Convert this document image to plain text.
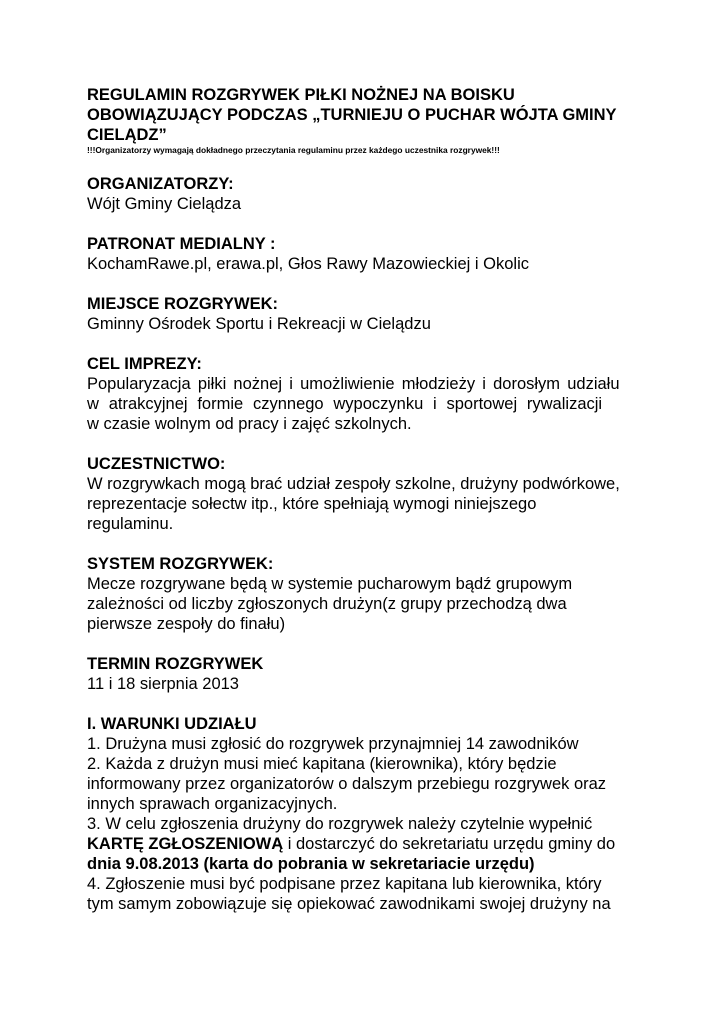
REGULAMIN ROZGRYWEK PIŁKI NOŻNEJ NA BOISKU

OBOWIĄZUJĄCY PODCZAS „TURNIEJU O PUCHAR WÓJTA GMINY

CIELĄDZ”

!!!Organizatorzy wymagają dokładnego przeczytania regulaminu przez każdego uczestnika rozgrywek!!!

ORGANIZATORZY:

Wójt Gminy Cielądza

PATRONAT MEDIALNY :

KochamRawe.pl, erawa.pl, Głos Rawy Mazowieckiej i Okolic

MIEJSCE ROZGRYWEK:

Gminny Ośrodek Sportu i Rekreacji w Cielądzu

CEL IMPREZY:

Popularyzacja piłki nożnej i umożliwienie młodzieży i dorosłym udziału

w atrakcyjnej formie czynnego wypoczynku i sportowej rywalizacji

w czasie wolnym od pracy i zajęć szkolnych.

UCZESTNICTWO:

W rozgrywkach mogą brać udział zespoły szkolne, drużyny podwórkowe,

reprezentacje sołectw itp., które spełniają wymogi niniejszego

regulaminu.

SYSTEM ROZGRYWEK:

Mecze rozgrywane będą w systemie pucharowym bądź grupowym

zależności od liczby zgłoszonych drużyn(z grupy przechodzą dwa

pierwsze zespoły do finału)

TERMIN ROZGRYWEK

11 i 18 sierpnia 2013

I. WARUNKI UDZIAŁU

1. Drużyna musi zgłosić do rozgrywek przynajmniej 14 zawodników

2. Każda z drużyn musi mieć kapitana (kierownika), który będzie

informowany przez organizatorów o dalszym przebiegu rozgrywek oraz

innych sprawach organizacyjnych.

3. W celu zgłoszenia drużyny do rozgrywek należy czytelnie wypełnić

KARTĘ ZGŁOSZENIOWĄ i dostarczyć do sekretariatu urzędu gminy do

dnia 9.08.2013 (karta do pobrania w sekretariacie urzędu)

4. Zgłoszenie musi być podpisane przez kapitana lub kierownika, który

tym samym zobowiązuje się opiekować zawodnikami swojej drużyny na
